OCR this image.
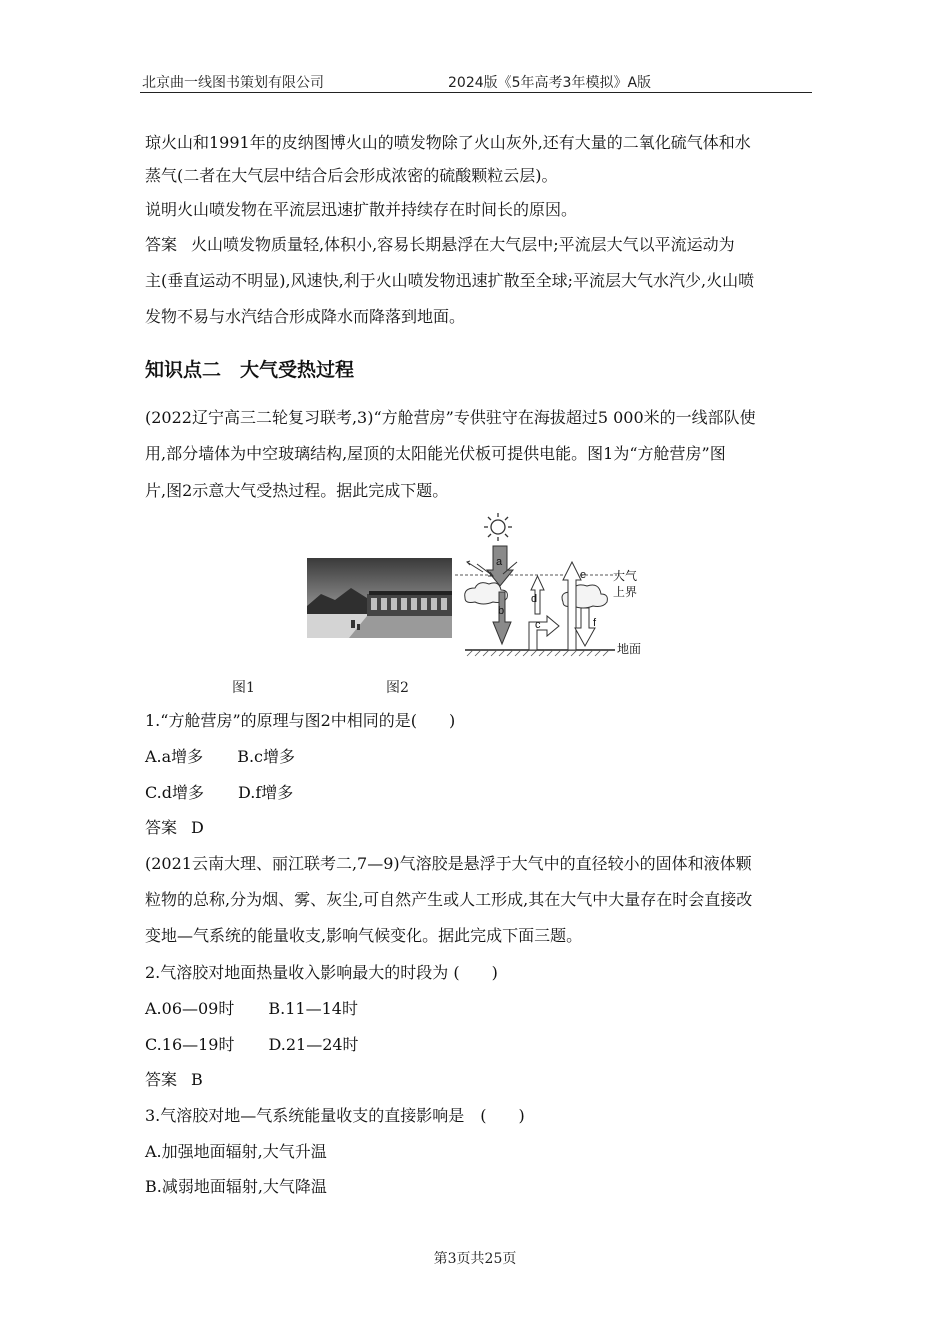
北京曲一线图书策划有限公司	2024版《5年高考3年模拟》A版
琼火山和1991年的皮纳图博火山的喷发物除了火山灰外,还有大量的二氧化硫气体和水
蒸气(二者在大气层中结合后会形成浓密的硫酸颗粒云层)。
说明火山喷发物在平流层迅速扩散并持续存在时间长的原因。
答案 火山喷发物质量轻,体积小,容易长期悬浮在大气层中;平流层大气以平流运动为
主(垂直运动不明显),风速快,利于火山喷发物迅速扩散至全球;平流层大气水汽少,火山喷
发物不易与水汽结合形成降水而降落到地面。
知识点二　大气受热过程
(2022辽宁高三二轮复习联考,3)“方舱营房”专供驻守在海拔超过5 000米的一线部队使
用,部分墙体为中空玻璃结构,屋顶的太阳能光伏板可提供电能。图1为“方舱营房”图
片,图2示意大气受热过程。据此完成下题。
a
b
c
d
e
f
大气
上界
地面
图1	图2
1.“方舱营房”的原理与图2中相同的是(　　)
A.a增多 B.c增多
C.d增多 D.f增多
答案 D
(2021云南大理、丽江联考二,7—9)气溶胶是悬浮于大气中的直径较小的固体和液体颗
粒物的总称,分为烟、雾、灰尘,可自然产生或人工形成,其在大气中大量存在时会直接改
变地—气系统的能量收支,影响气候变化。据此完成下面三题。
2.气溶胶对地面热量收入影响最大的时段为 (　　)
A.06—09时 B.11—14时
C.16—19时 D.21—24时
答案 B
3.气溶胶对地—气系统能量收支的直接影响是　(　　)
A.加强地面辐射,大气升温
B.减弱地面辐射,大气降温
第3页共25页
